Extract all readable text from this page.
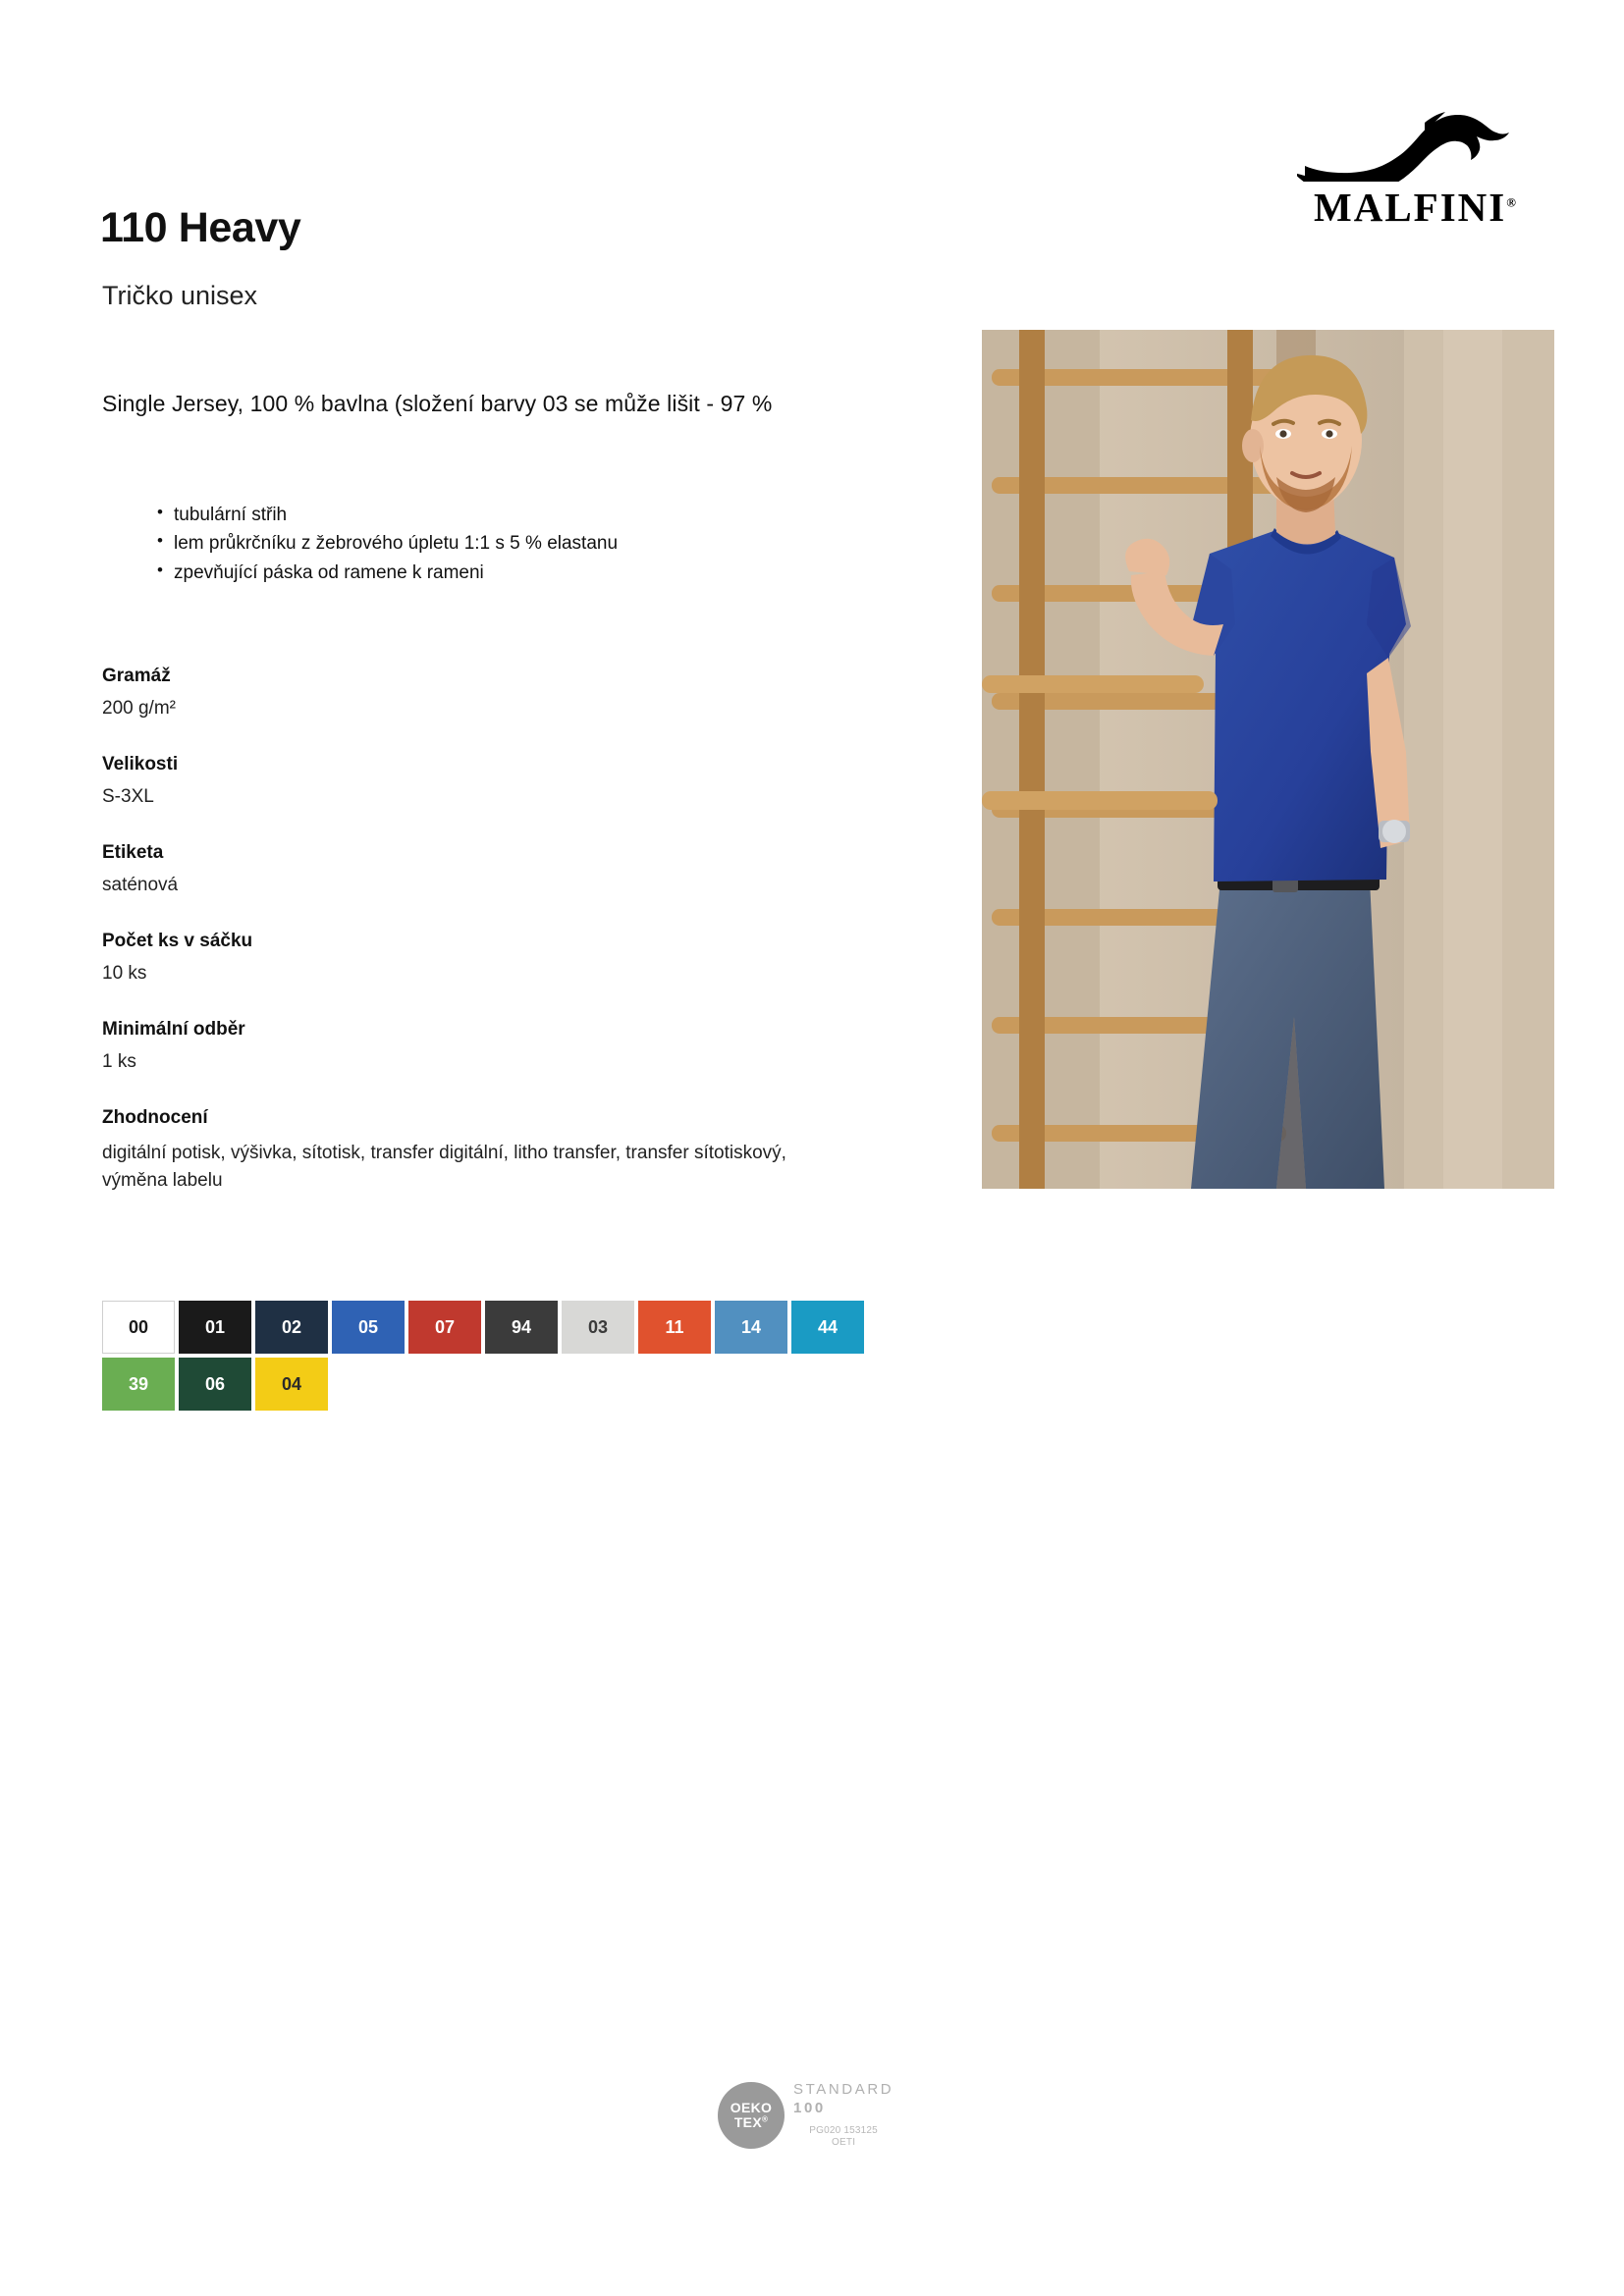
MALFINI®
110 Heavy
Tričko unisex
Single Jersey, 100 % bavlna (složení barvy 03 se může lišit - 97 %
• tubulární střih
• lem průkrčníku z žebrového úpletu 1:1 s 5 % elastanu
• zpevňující páska od ramene k rameni
Gramáž
200 g/m²
Velikosti
S-3XL
Etiketa
saténová
Počet ks v sáčku
10 ks
Minimální odběr
1 ks
Zhodnocení
digitální potisk, výšivka, sítotisk, transfer digitální, litho transfer, transfer sítotiskový, výměna labelu
00	01	02	05	07	94	03	11	14	44
39	06	04
OEKO
TEX®
STANDARD
100
PG020 153125
OETI
